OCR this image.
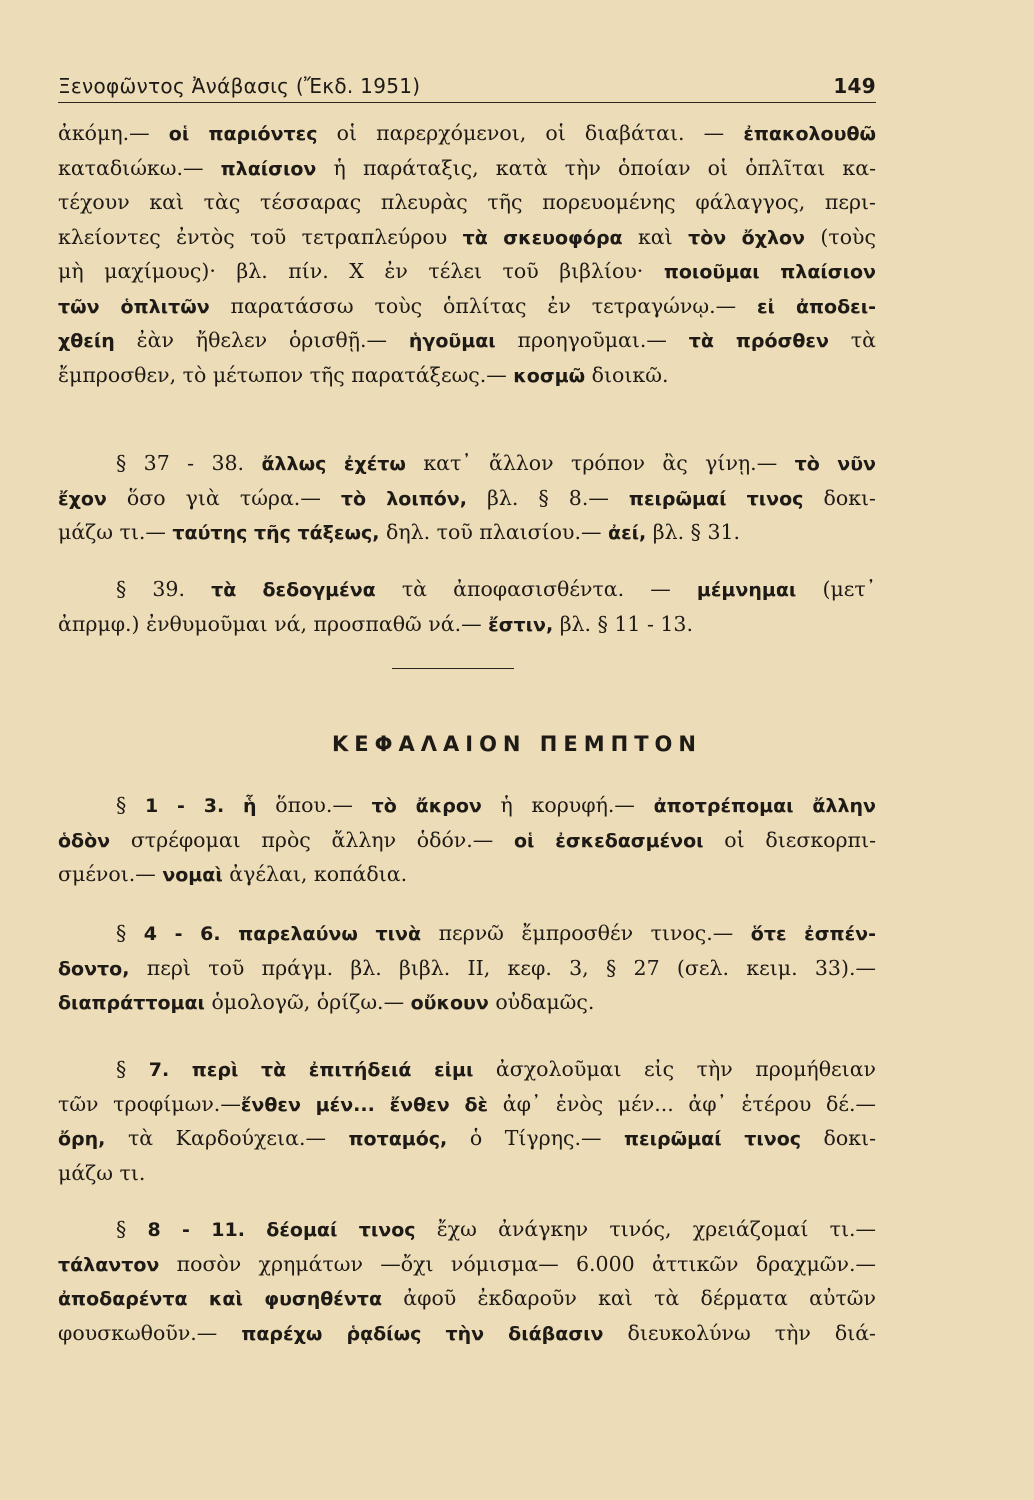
Ξενοφῶντος Ἀνάβασις (Ἔκδ. 1951)	149
ἀκόμη.— οἱ παριόντες οἱ παρερχόμενοι, οἱ διαβάται. — ἐπακολουθῶ
καταδιώκω.— πλαίσιον ἡ παράταξις, κατὰ τὴν ὁποίαν οἱ ὁπλῖται κα-
τέχουν καὶ τὰς τέσσαρας πλευρὰς τῆς πορευομένης φάλαγγος, περι-
κλείοντες ἐντὸς τοῦ τετραπλεύρου τὰ σκευοφόρα καὶ τὸν ὄχλον (τοὺς
μὴ μαχίμους)· βλ. πίν. Χ ἐν τέλει τοῦ βιβλίου· ποιοῦμαι πλαίσιον
τῶν ὁπλιτῶν παρατάσσω τοὺς ὁπλίτας ἐν τετραγώνῳ.— εἰ ἀποδει-
χθείη ἐὰν ἤθελεν ὁρισθῇ.— ἡγοῦμαι προηγοῦμαι.— τὰ πρόσθεν τὰ
ἔμπροσθεν, τὸ μέτωπον τῆς παρατάξεως.— κοσμῶ διοικῶ.
§ 37 - 38. ἄλλως ἐχέτω κατ᾽ ἄλλον τρόπον ἂς γίνῃ.— τὸ νῦν
ἔχον ὅσο γιὰ τώρα.— τὸ λοιπόν, βλ. § 8.— πειρῶμαί τινος δοκι-
μάζω τι.— ταύτης τῆς τάξεως, δηλ. τοῦ πλαισίου.— ἀεί, βλ. § 31.
§ 39. τὰ δεδογμένα τὰ ἀποφασισθέντα. — μέμνημαι (μετ᾽
ἀπρμφ.) ἐνθυμοῦμαι νά, προσπαθῶ νά.— ἔστιν, βλ. § 11 - 13.
ΚΕΦΑΛΑΙΟΝ ΠΕΜΠΤΟΝ
§ 1 - 3. ἧ ὅπου.— τὸ ἄκρον ἡ κορυφή.— ἀποτρέπομαι ἄλλην
ὁδὸν στρέφομαι πρὸς ἄλλην ὁδόν.— οἱ ἐσκεδασμένοι οἱ διεσκορπι-
σμένοι.— νομαὶ ἀγέλαι, κοπάδια.
§ 4 - 6. παρελαύνω τινὰ περνῶ ἔμπροσθέν τινος.— ὅτε ἐσπέν-
δοντο, περὶ τοῦ πράγμ. βλ. βιβλ. II, κεφ. 3, § 27 (σελ. κειμ. 33).—
διαπράττομαι ὁμολογῶ, ὁρίζω.— οὔκουν οὐδαμῶς.
§ 7. περὶ τὰ ἐπιτήδειά εἰμι ἀσχολοῦμαι εἰς τὴν προμήθειαν
τῶν τροφίμων.—ἔνθεν μέν... ἔνθεν δὲ ἀφ᾽ ἑνὸς μέν... ἀφ᾽ ἑτέρου δέ.—
ὄρη, τὰ Καρδούχεια.— ποταμός, ὁ Τίγρης.— πειρῶμαί τινος δοκι-
μάζω τι.
§ 8 - 11. δέομαί τινος ἔχω ἀνάγκην τινός, χρειάζομαί τι.—
τάλαντον ποσὸν χρημάτων —ὄχι νόμισμα— 6.000 ἀττικῶν δραχμῶν.—
ἀποδαρέντα καὶ φυσηθέντα ἀφοῦ ἐκδαροῦν καὶ τὰ δέρματα αὐτῶν
φουσκωθοῦν.— παρέχω ῥᾳδίως τὴν διάβασιν διευκολύνω τὴν διά-
